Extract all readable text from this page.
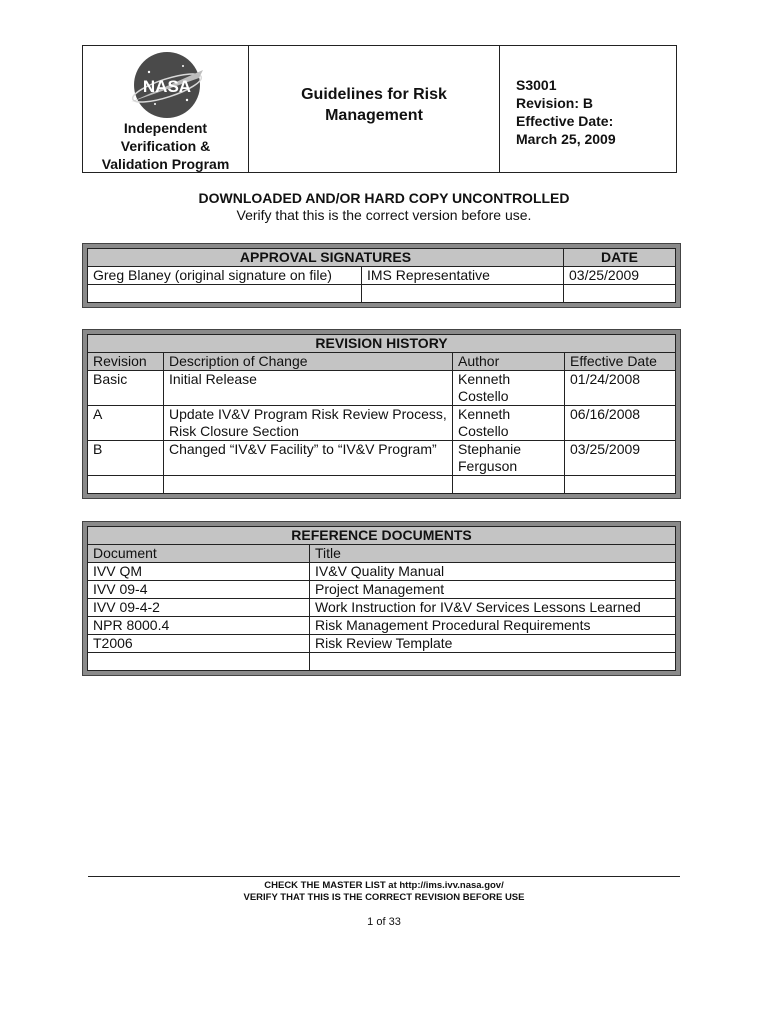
NASA
Independent
Verification &
Validation Program
Guidelines for Risk
Management
S3001
Revision: B
Effective Date:
March 25, 2009
DOWNLOADED AND/OR HARD COPY UNCONTROLLED
Verify that this is the correct version before use.
APPROVAL SIGNATURES		DATE
Greg Blaney (original signature on file)	IMS Representative	03/25/2009

REVISION HISTORY			
Revision	Description of Change	Author	Effective Date
Basic	Initial Release	Kenneth Costello	01/24/2008
A	Update IV&V Program Risk Review Process, Risk Closure Section	Kenneth Costello	06/16/2008
B	Changed “IV&V Facility” to “IV&V Program”	Stephanie Ferguson	03/25/2009

REFERENCE DOCUMENTS	
Document	Title
IVV QM	IV&V Quality Manual
IVV 09-4	Project Management
IVV 09-4-2	Work Instruction for IV&V Services Lessons Learned
NPR 8000.4	Risk Management Procedural Requirements
T2006	Risk Review Template

CHECK THE MASTER LIST at http://ims.ivv.nasa.gov/
VERIFY THAT THIS IS THE CORRECT REVISION BEFORE USE
1 of 33
